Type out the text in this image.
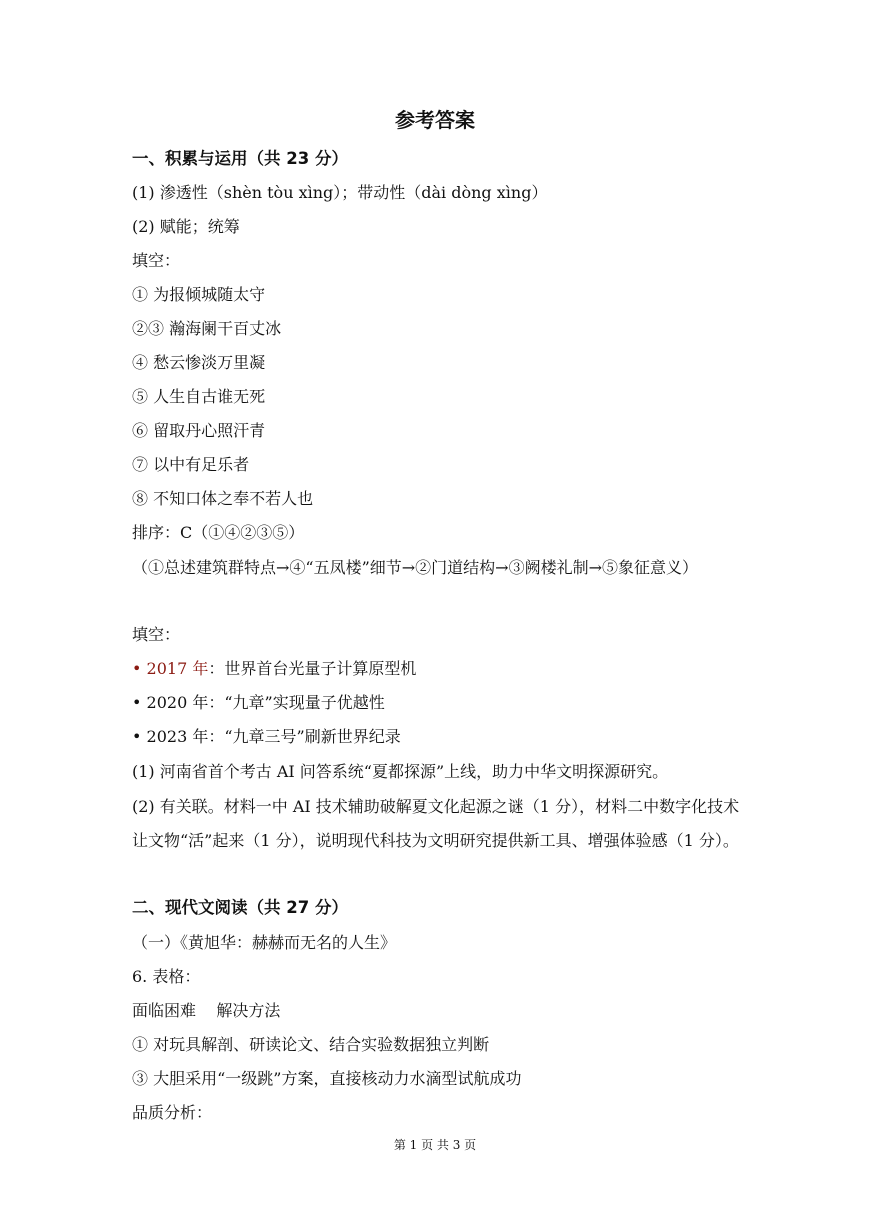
参考答案
一、积累与运用（共 23 分）
(1) 渗透性（shèn tòu xìng）；带动性（dài dòng xìng）
(2) 赋能；统筹
填空：
① 为报倾城随太守
②③ 瀚海阑干百丈冰
④ 愁云惨淡万里凝
⑤ 人生自古谁无死
⑥ 留取丹心照汗青
⑦ 以中有足乐者
⑧ 不知口体之奉不若人也
排序：C（①④②③⑤）
（①总述建筑群特点→④“五凤楼”细节→②门道结构→③阙楼礼制→⑤象征意义）
填空：
• 2017 年：世界首台光量子计算原型机
• 2020 年：“九章”实现量子优越性
• 2023 年：“九章三号”刷新世界纪录
(1) 河南省首个考古 AI 问答系统“夏都探源”上线，助力中华文明探源研究。
(2) 有关联。材料一中 AI 技术辅助破解夏文化起源之谜（1 分），材料二中数字化技术让文物“活”起来（1 分），说明现代科技为文明研究提供新工具、增强体验感（1 分）。
二、现代文阅读（共 27 分）
（一）《黄旭华：赫赫而无名的人生》
6. 表格：
面临困难    解决方法
① 对玩具解剖、研读论文、结合实验数据独立判断
③ 大胆采用“一级跳”方案，直接核动力水滴型试航成功
品质分析：
第 1 页 共 3 页
